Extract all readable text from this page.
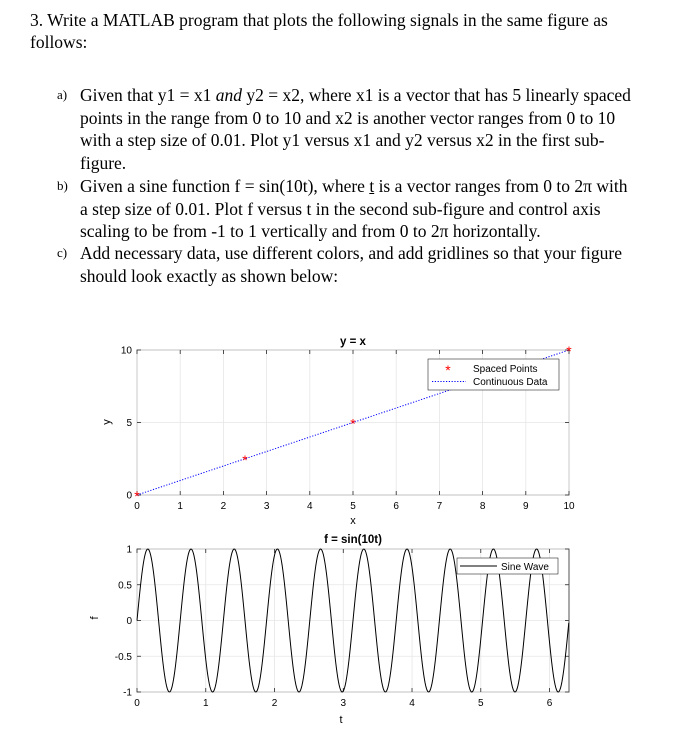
3. Write a MATLAB program that plots the following signals in the same figure as
follows:
a) Given that y1 = x1 and y2 = x2, where x1 is a vector that has 5 linearly spaced
points in the range from 0 to 10 and x2 is another vector ranges from 0 to 10
with a step size of 0.01. Plot y1 versus x1 and y2 versus x2 in the first sub-
figure.
b) Given a sine function f = sin(10t), where t is a vector ranges from 0 to 2π with
a step size of 0.01. Plot f versus t in the second sub-figure and control axis
scaling to be from -1 to 1 vertically and from 0 to 2π horizontally.
c) Add necessary data, use different colors, and add gridlines so that your figure
should look exactly as shown below:
0	1	2	3	4	5	6	7	8	9	10
0
5
10
*
*
*
*
y = x
x
y
* Spaced Points
Continuous Data
0	1	2	3	4	5	6
-1
-0.5
0
0.5
1
f = sin(10t)
t
f
Sine Wave
